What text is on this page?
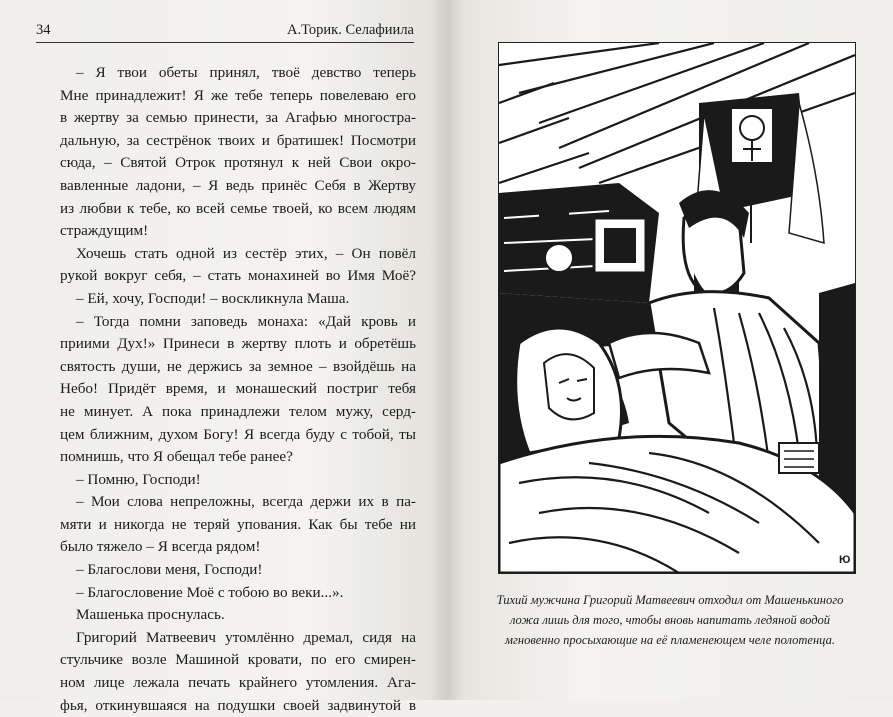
34	А.Торик. Селафиила
– Я твои обеты принял, твоё девство теперь
Мне принадлежит! Я же тебе теперь повелеваю его
в жертву за семью принести, за Агафью многостра-
дальную, за сестрёнок твоих и братишек! Посмотри
сюда, – Святой Отрок протянул к ней Свои окро-
вавленные ладони, – Я ведь принёс Себя в Жертву
из любви к тебе, ко всей семье твоей, ко всем людям
страждущим!
Хочешь стать одной из сестёр этих, – Он повёл
рукой вокруг себя, – стать монахиней во Имя Моё?
– Ей, хочу, Господи! – воскликнула Маша.
– Тогда помни заповедь монаха: «Дай кровь и
приими Дух!» Принеси в жертву плоть и обретёшь
святость души, не держись за земное – взойдёшь на
Небо! Придёт время, и монашеский постриг тебя
не минует. А пока принадлежи телом мужу, серд-
цем ближним, духом Богу! Я всегда буду с тобой, ты
помнишь, что Я обещал тебе ранее?
– Помню, Господи!
– Мои слова непреложны, всегда держи их в па-
мяти и никогда не теряй упования. Как бы тебе ни
было тяжело – Я всегда рядом!
– Благослови меня, Господи!
– Благословение Моё с тобою во веки...».
Машенька проснулась.
Григорий Матвеевич утомлённо дремал, сидя на
стульчике возле Машиной кровати, по его смирен-
ном лице лежала печать крайнего утомления. Ага-
фья, откинувшаяся на подушки своей задвинутой в
Ю
Тихий мужчина Григорий Матвеевич отходил от Машенькиного
ложа лишь для того, чтобы вновь напитать ледяной водой
мгновенно просыхающие на её пламенеющем челе полотенца.
